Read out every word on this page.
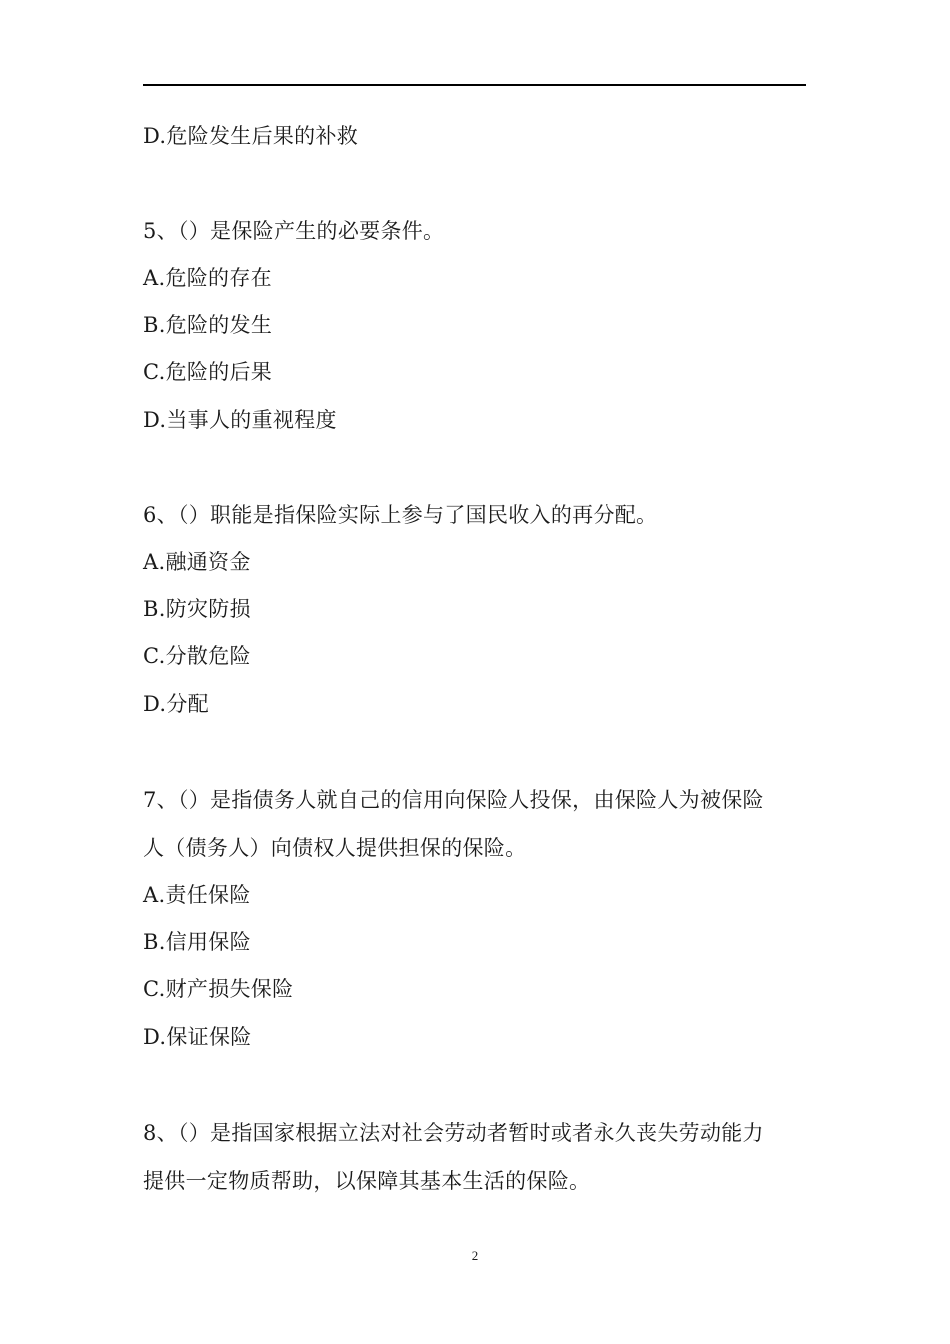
D.危险发生后果的补救
5、（）是保险产生的必要条件。
A.危险的存在
B.危险的发生
C.危险的后果
D.当事人的重视程度
6、（）职能是指保险实际上参与了国民收入的再分配。
A.融通资金
B.防灾防损
C.分散危险
D.分配
7、（）是指债务人就自己的信用向保险人投保，由保险人为被保险
人（债务人）向债权人提供担保的保险。
A.责任保险
B.信用保险
C.财产损失保险
D.保证保险
8、（）是指国家根据立法对社会劳动者暂时或者永久丧失劳动能力
提供一定物质帮助，以保障其基本生活的保险。
2
